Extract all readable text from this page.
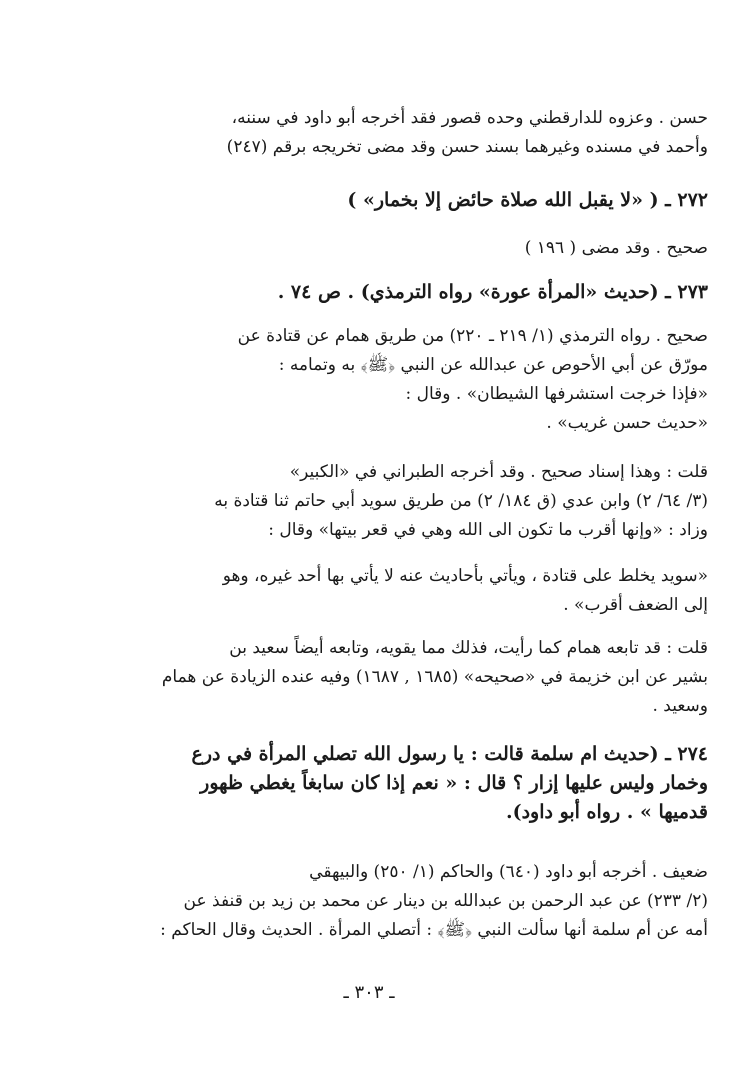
حسن . وعزوه للدارقطني وحده قصور فقد أخرجه أبو داود في سننه،

وأحمد في مسنده وغيرهما بسند حسن وقد مضى تخريجه برقم (٢٤٧)

٢٧٢ ـ ( «لا يقبل الله صلاة حائض إلا بخمار» )

صحيح . وقد مضى ( ١٩٦ )

٢٧٣ ـ (حديث «المرأة عورة» رواه الترمذي) . ص ٧٤ .

صحيح . رواه الترمذي (١/ ٢١٩ ـ ٢٢٠) من طريق همام عن قتادة عن

مورّق عن أبي الأحوص عن عبدالله عن النبي ﴿ﷺ﴾ به وتمامه :

«فإذا خرجت استشرفها الشيطان» . وقال :

«حديث حسن غريب» .

قلت : وهذا إسناد صحيح . وقد أخرجه الطبراني في «الكبير»

(٣/ ٦٤/ ٢) وابن عدي (ق ١٨٤/ ٢) من طريق سويد أبي حاتم ثنا قتادة به

وزاد : «وإنها أقرب ما تكون الى الله وهي في قعر بيتها» وقال :

«سويد يخلط على قتادة ، ويأتي بأحاديث عنه لا يأتي بها أحد غيره، وهو

إلى الضعف أقرب» .

قلت : قد تابعه همام كما رأيت، فذلك مما يقويه، وتابعه أيضاً سعيد بن

بشير عن ابن خزيمة في «صحيحه» (١٦٨٥ , ١٦٨٧) وفيه عنده الزيادة عن همام

وسعيد .

٢٧٤ ـ (حديث ام سلمة قالت : يا رسول الله تصلي المرأة في درع

وخمار وليس عليها إزار ؟ قال : « نعم إذا كان سابغاً يغطي ظهور

قدميها » . رواه أبو داود).

ضعيف . أخرجه أبو داود (٦٤٠) والحاكم (١/ ٢٥٠) والبيهقي

(٢/ ٢٣٣) عن عبد الرحمن بن عبدالله بن دينار عن محمد بن زيد بن قنفذ عن

أمه عن أم سلمة أنها سألت النبي ﴿ﷺ﴾ : أتصلي المرأة . الحديث وقال الحاكم :

ـ ٣٠٣ ـ
